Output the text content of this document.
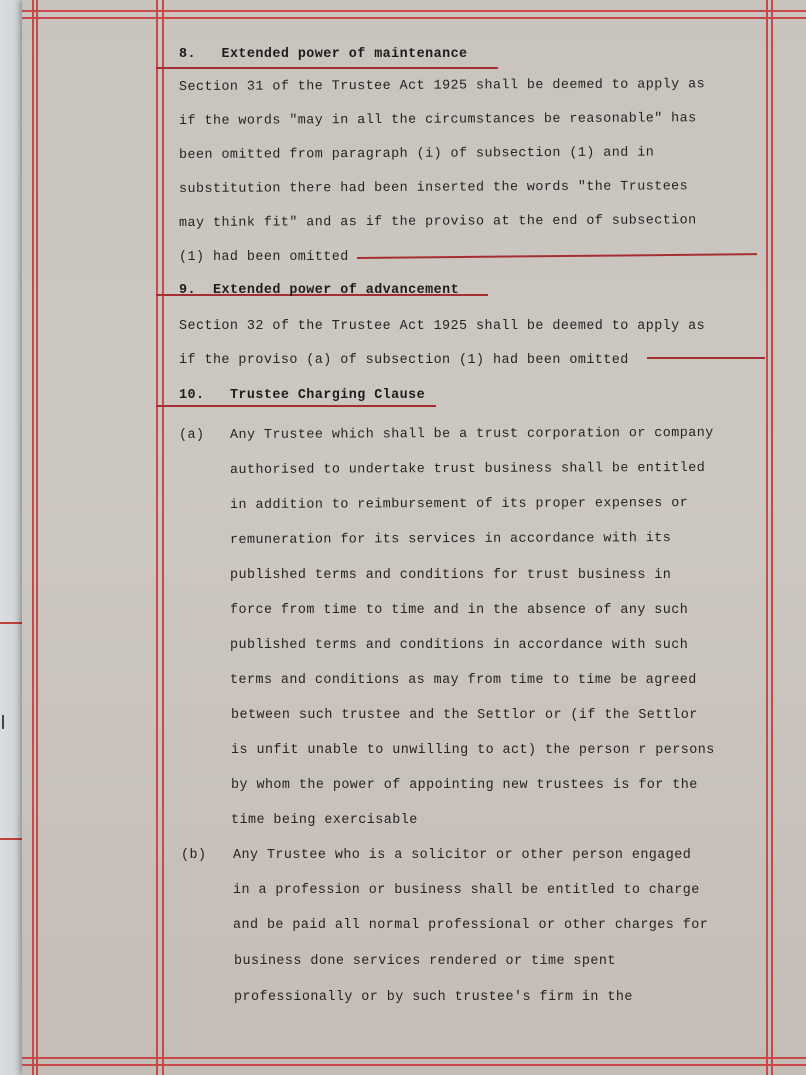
8. Extended power of maintenance
Section 31 of the Trustee Act 1925 shall be deemed to apply as
if the words "may in all the circumstances be reasonable" has
been omitted from paragraph (i) of subsection (1) and in
substitution there had been inserted the words "the Trustees
may think fit" and as if the proviso at the end of subsection
(1) had been omitted
9. Extended power of advancement
Section 32 of the Trustee Act 1925 shall be deemed to apply as
if the proviso (a) of subsection (1) had been omitted
10. Trustee Charging Clause
(a) Any Trustee which shall be a trust corporation or company
authorised to undertake trust business shall be entitled
in addition to reimbursement of its proper expenses or
remuneration for its services in accordance with its
published terms and conditions for trust business in
force from time to time and in the absence of any such
published terms and conditions in accordance with such
terms and conditions as may from time to time be agreed
between such trustee and the Settlor or (if the Settlor
is unfit unable to unwilling to act) the person r persons
by whom the power of appointing new trustees is for the
time being exercisable
(b) Any Trustee who is a solicitor or other person engaged
in a profession or business shall be entitled to charge
and be paid all normal professional or other charges for
business done services rendered or time spent
professionally or by such trustee's firm in the
